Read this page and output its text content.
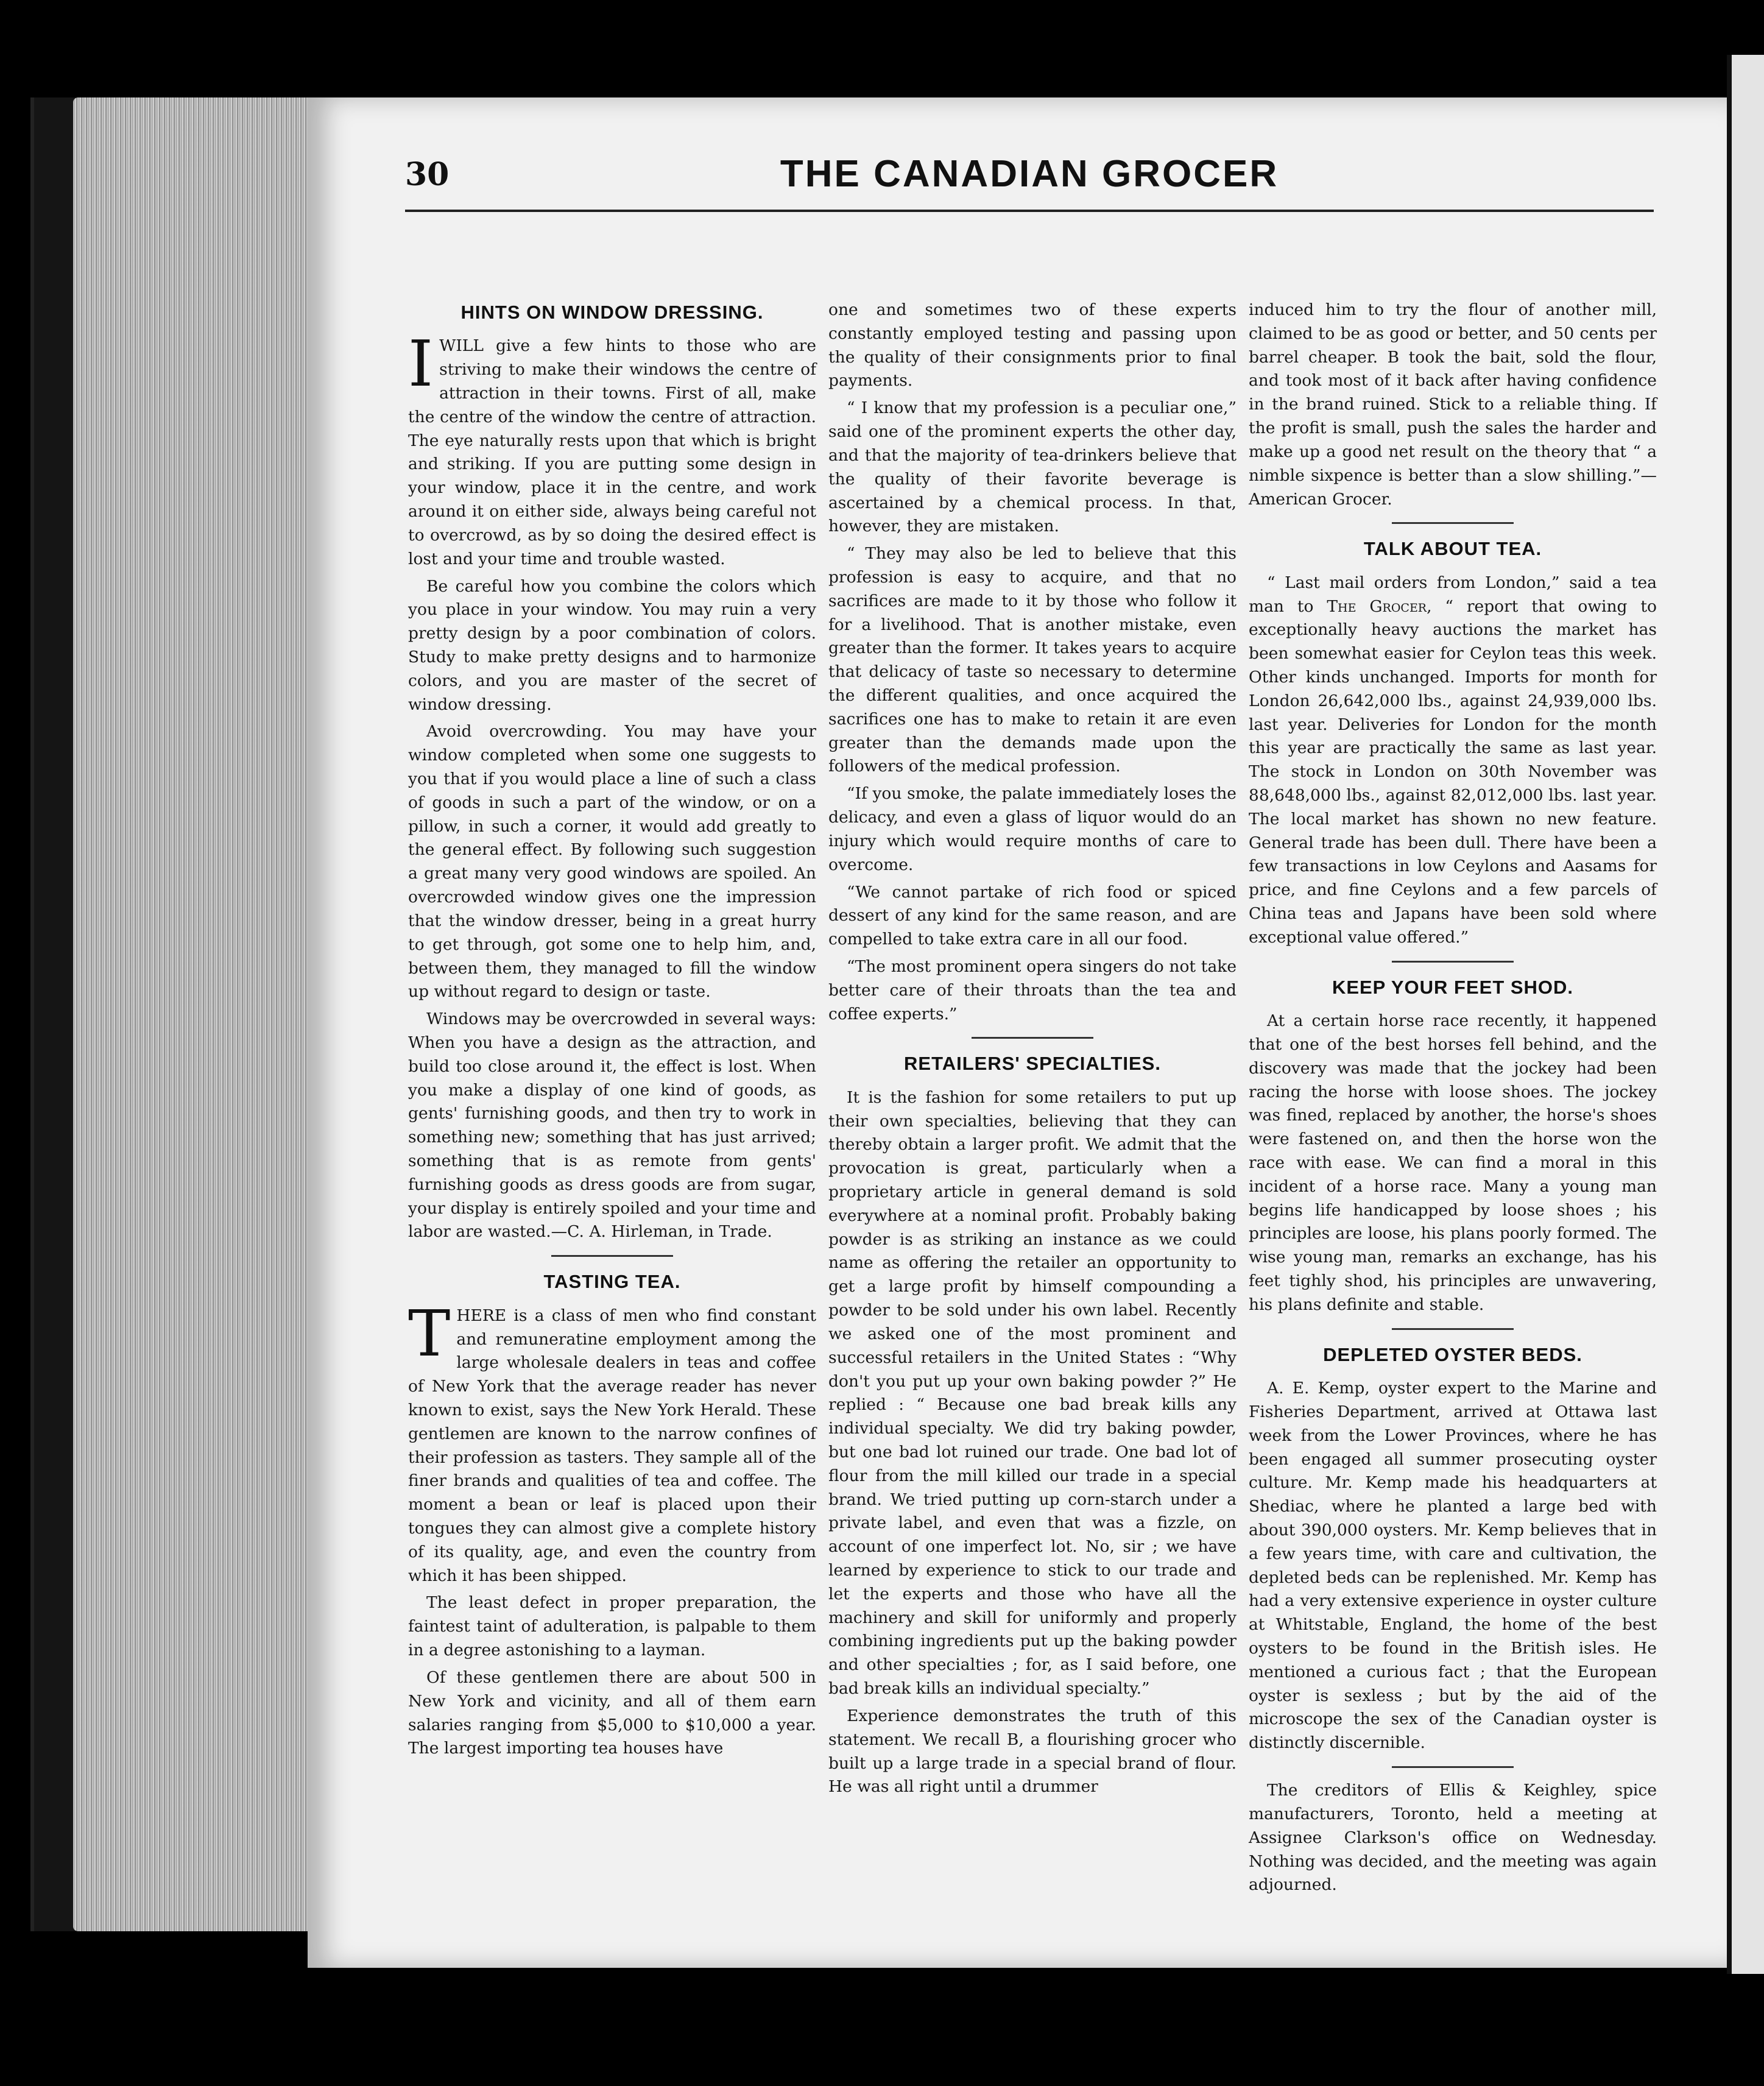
30	THE CANADIAN GROCER
HINTS ON WINDOW DRESSING.

IWILL give a few hints to those who are striving to make their windows the centre of attraction in their towns. First of all, make the centre of the window the centre of attraction. The eye naturally rests upon that which is bright and striking. If you are putting some design in your window, place it in the centre, and work around it on either side, always being careful not to overcrowd, as by so doing the desired effect is lost and your time and trouble wasted.

Be careful how you combine the colors which you place in your window. You may ruin a very pretty design by a poor combination of colors. Study to make pretty designs and to harmonize colors, and you are master of the secret of window dressing.

Avoid overcrowding. You may have your window completed when some one suggests to you that if you would place a line of such a class of goods in such a part of the window, or on a pillow, in such a corner, it would add greatly to the general effect. By following such suggestion a great many very good windows are spoiled. An overcrowded window gives one the impression that the window dresser, being in a great hurry to get through, got some one to help him, and, between them, they managed to fill the window up without regard to design or taste.

Windows may be overcrowded in several ways: When you have a design as the attraction, and build too close around it, the effect is lost. When you make a display of one kind of goods, as gents' furnishing goods, and then try to work in something new; something that has just arrived; something that is as remote from gents' furnishing goods as dress goods are from sugar, your display is entirely spoiled and your time and labor are wasted.—C. A. Hirleman, in Trade.

TASTING TEA.

THERE is a class of men who find constant and remuneratine employment among the large wholesale dealers in teas and coffee of New York that the average reader has never known to exist, says the New York Herald. These gentlemen are known to the narrow confines of their profession as tasters. They sample all of the finer brands and qualities of tea and coffee. The moment a bean or leaf is placed upon their tongues they can almost give a complete history of its quality, age, and even the country from which it has been shipped.

The least defect in proper preparation, the faintest taint of adulteration, is palpable to them in a degree astonishing to a layman.

Of these gentlemen there are about 500 in New York and vicinity, and all of them earn salaries ranging from $5,000 to $10,000 a year. The largest importing tea houses have

one and sometimes two of these experts constantly employed testing and passing upon the quality of their consignments prior to final payments.

“ I know that my profession is a peculiar one,” said one of the prominent experts the other day, and that the majority of tea-drinkers believe that the quality of their favorite beverage is ascertained by a chemical process. In that, however, they are mistaken.

“ They may also be led to believe that this profession is easy to acquire, and that no sacrifices are made to it by those who follow it for a livelihood. That is another mistake, even greater than the former. It takes years to acquire that delicacy of taste so necessary to determine the different qualities, and once acquired the sacrifices one has to make to retain it are even greater than the demands made upon the followers of the medical profession.

“If you smoke, the palate immediately loses the delicacy, and even a glass of liquor would do an injury which would require months of care to overcome.

“We cannot partake of rich food or spiced dessert of any kind for the same reason, and are compelled to take extra care in all our food.

“The most prominent opera singers do not take better care of their throats than the tea and coffee experts.”

RETAILERS' SPECIALTIES.

It is the fashion for some retailers to put up their own specialties, believing that they can thereby obtain a larger profit. We admit that the provocation is great, particularly when a proprietary article in general demand is sold everywhere at a nominal profit. Probably baking powder is as striking an instance as we could name as offering the retailer an opportunity to get a large profit by himself compounding a powder to be sold under his own label. Recently we asked one of the most prominent and successful retailers in the United States : “Why don't you put up your own baking powder ?” He replied : “ Because one bad break kills any individual specialty. We did try baking powder, but one bad lot ruined our trade. One bad lot of flour from the mill killed our trade in a special brand. We tried putting up corn-starch under a private label, and even that was a fizzle, on account of one imperfect lot. No, sir ; we have learned by experience to stick to our trade and let the experts and those who have all the machinery and skill for uniformly and properly combining ingredients put up the baking powder and other specialties ; for, as I said before, one bad break kills an individual specialty.”

Experience demonstrates the truth of this statement. We recall B, a flourishing grocer who built up a large trade in a special brand of flour. He was all right until a drummer

induced him to try the flour of another mill, claimed to be as good or better, and 50 cents per barrel cheaper. B took the bait, sold the flour, and took most of it back after having confidence in the brand ruined. Stick to a reliable thing. If the profit is small, push the sales the harder and make up a good net result on the theory that “ a nimble sixpence is better than a slow shilling.”—American Grocer.

TALK ABOUT TEA.

“ Last mail orders from London,” said a tea man to The Grocer, “ report that owing to exceptionally heavy auctions the market has been somewhat easier for Ceylon teas this week. Other kinds unchanged. Imports for month for London 26,642,000 lbs., against 24,939,000 lbs. last year. Deliveries for London for the month this year are practically the same as last year. The stock in London on 30th November was 88,648,000 lbs., against 82,012,000 lbs. last year. The local market has shown no new feature. General trade has been dull. There have been a few transactions in low Ceylons and Aasams for price, and fine Ceylons and a few parcels of China teas and Japans have been sold where exceptional value offered.”

KEEP YOUR FEET SHOD.

At a certain horse race recently, it happened that one of the best horses fell behind, and the discovery was made that the jockey had been racing the horse with loose shoes. The jockey was fined, replaced by another, the horse's shoes were fastened on, and then the horse won the race with ease. We can find a moral in this incident of a horse race. Many a young man begins life handicapped by loose shoes ; his principles are loose, his plans poorly formed. The wise young man, remarks an exchange, has his feet tighly shod, his principles are unwavering, his plans definite and stable.

DEPLETED OYSTER BEDS.

A. E. Kemp, oyster expert to the Marine and Fisheries Department, arrived at Ottawa last week from the Lower Provinces, where he has been engaged all summer prosecuting oyster culture. Mr. Kemp made his headquarters at Shediac, where he planted a large bed with about 390,000 oysters. Mr. Kemp believes that in a few years time, with care and cultivation, the depleted beds can be replenished. Mr. Kemp has had a very extensive experience in oyster culture at Whitstable, England, the home of the best oysters to be found in the British isles. He mentioned a curious fact ; that the European oyster is sexless ; but by the aid of the microscope the sex of the Canadian oyster is distinctly discernible.

The creditors of Ellis & Keighley, spice manufacturers, Toronto, held a meeting at Assignee Clarkson's office on Wednesday. Nothing was decided, and the meeting was again adjourned.
